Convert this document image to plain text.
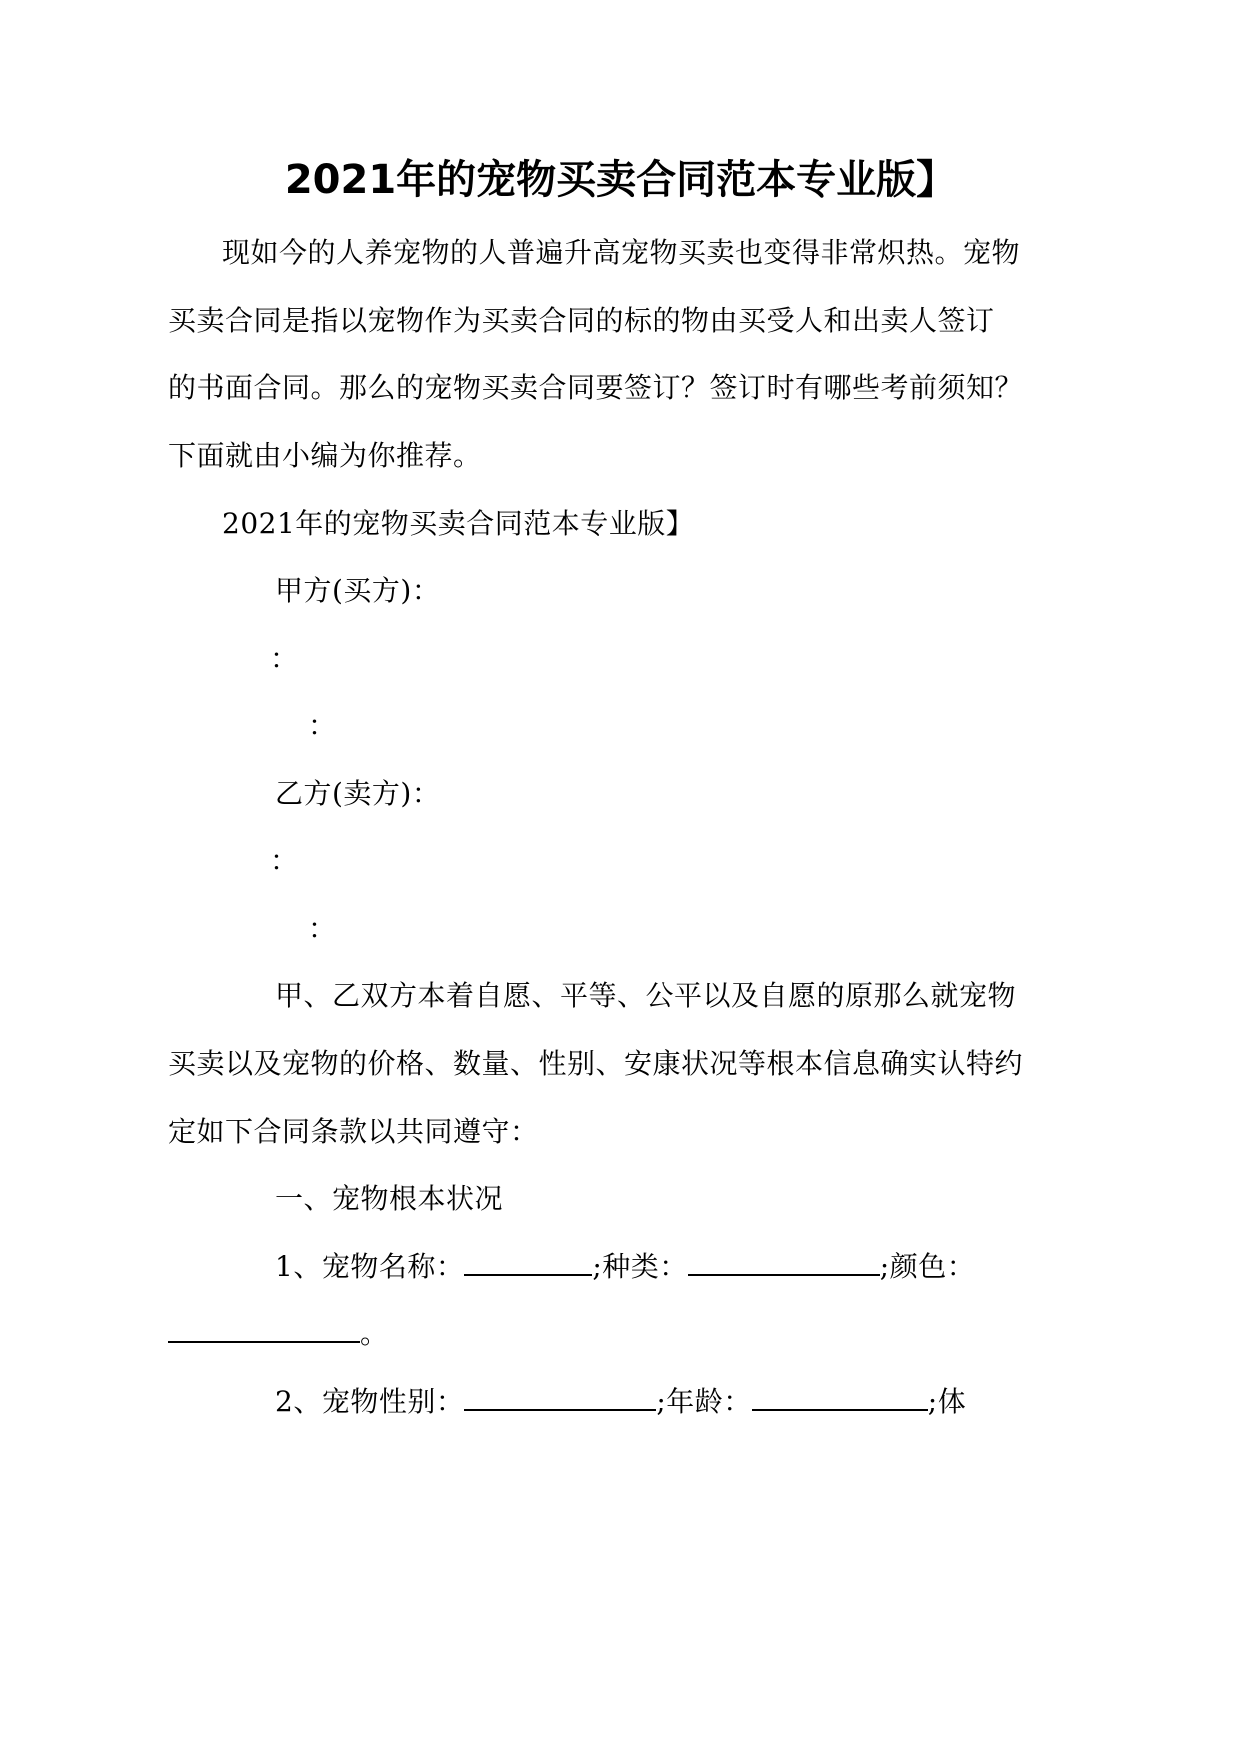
2021年的宠物买卖合同范本专业版】

现如今的人养宠物的人普遍升高宠物买卖也变得非常炽热。宠物

买卖合同是指以宠物作为买卖合同的标的物由买受人和出卖人签订

的书面合同。那么的宠物买卖合同要签订？签订时有哪些考前须知？

下面就由小编为你推荐。

2021年的宠物买卖合同范本专业版】

甲方(买方)：

：

：

乙方(卖方)：

：

：

甲、乙双方本着自愿、平等、公平以及自愿的原那么就宠物

买卖以及宠物的价格、数量、性别、安康状况等根本信息确实认特约

定如下合同条款以共同遵守：

一、宠物根本状况

1、宠物名称：	;种类：	;颜色：

。

2、宠物性别：	;年龄：	;体
